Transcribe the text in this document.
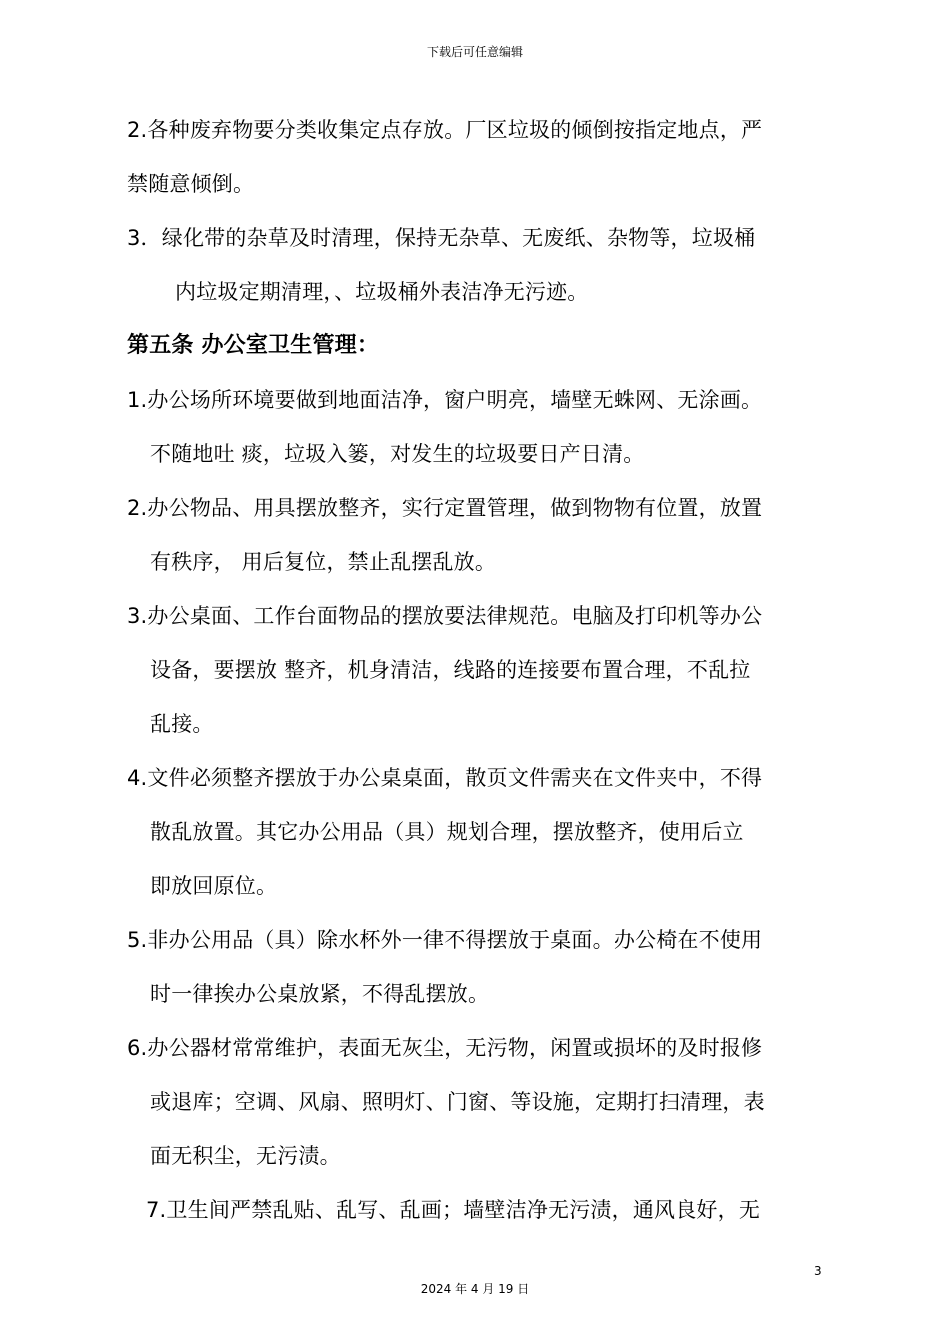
下载后可任意编辑
2.各种废弃物要分类收集定点存放。厂区垃圾的倾倒按指定地点，严
禁随意倾倒。
3．绿化带的杂草及时清理，保持无杂草、无废纸、杂物等，垃圾桶
内垃圾定期清理，、垃圾桶外表洁净无污迹。
第五条 办公室卫生管理：
1.办公场所环境要做到地面洁净，窗户明亮，墙壁无蛛网、无涂画。
不随地吐 痰，垃圾入篓，对发生的垃圾要日产日清。
2.办公物品、用具摆放整齐，实行定置管理，做到物物有位置，放置
有秩序， 用后复位，禁止乱摆乱放。
3.办公桌面、工作台面物品的摆放要法律规范。电脑及打印机等办公
设备，要摆放 整齐，机身清洁，线路的连接要布置合理，不乱拉
乱接。
4.文件必须整齐摆放于办公桌桌面，散页文件需夹在文件夹中，不得
散乱放置。其它办公用品（具）规划合理，摆放整齐，使用后立
即放回原位。
5.非办公用品（具）除水杯外一律不得摆放于桌面。办公椅在不使用
时一律挨办公桌放紧，不得乱摆放。
6.办公器材常常维护，表面无灰尘，无污物，闲置或损坏的及时报修
或退库；空调、风扇、照明灯、门窗、等设施，定期打扫清理，表
面无积尘，无污渍。
7.卫生间严禁乱贴、乱写、乱画；墙壁洁净无污渍，通风良好，无
3
2024 年 4 月 19 日
